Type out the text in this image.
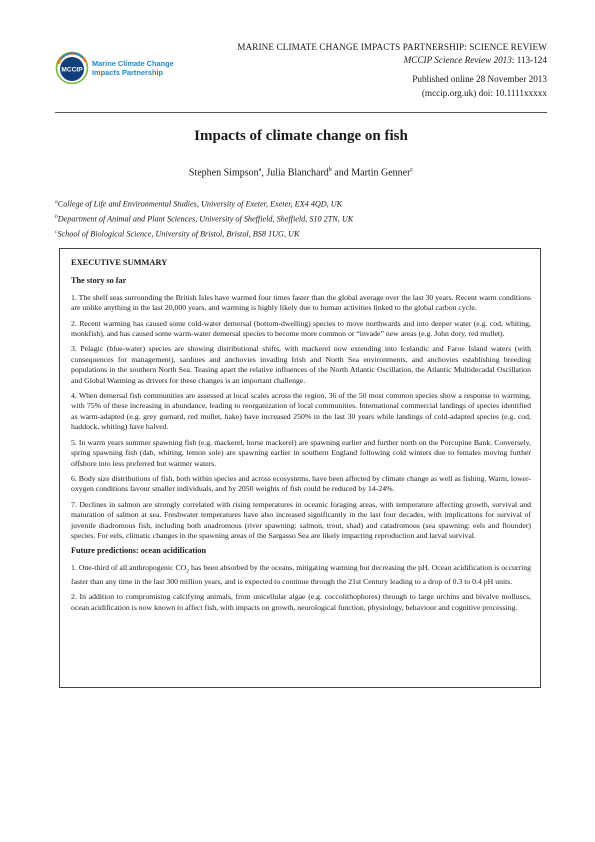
MCCIP
Marine Climate Change
Impacts Partnership
MARINE CLIMATE CHANGE IMPACTS PARTNERSHIP: SCIENCE REVIEW
MCCIP Science Review 2013: 113-124
Published online 28 November 2013
(mccip.org.uk) doi: 10.1111xxxxx
Impacts of climate change on fish
Stephen Simpson$^a$, Julia Blanchard$^b$ and Martin Genner$^c$
$^a$College of Life and Environmental Studies, University of Exeter, Exeter, EX4 4QD, UK
$^b$Department of Animal and Plant Sciences, University of Sheffield, Sheffield, S10 2TN, UK
$^c$School of Biological Science, University of Bristol, Bristol, BS8 1UG, UK
EXECUTIVE SUMMARY
The story so far

1. The shelf seas surrounding the British Isles have warmed four times faster than the global average over the last 30 years. Recent warm conditions are unlike anything in the last 20,000 years, and warming is highly likely due to human activities linked to the global carbon cycle.

2. Recent warming has caused some cold-water demersal (bottom-dwelling) species to move northwards and into deeper water (e.g. cod, whiting, monkfish), and has caused some warm-water demersal species to become more common or “invade” new areas (e.g. John dory, red mullet).

3. Pelagic (blue-water) species are showing distributional shifts, with mackerel now extending into Icelandic and Faroe Island waters (with consequences for management), sardines and anchovies invading Irish and North Sea environments, and anchovies establishing breeding populations in the southern North Sea. Teasing apart the relative influences of the North Atlantic Oscillation, the Atlantic Multidecadal Oscillation and Global Warming as drivers for these changes is an important challenge.

4. When demersal fish communities are assessed at local scales across the region, 36 of the 50 most common species show a response to warming, with 75% of these increasing in abundance, leading to reorganization of local communities. International commercial landings of species identified as warm-adapted (e.g. grey gurnard, red mullet, hake) have increased 250% in the last 30 years while landings of cold-adapted species (e.g. cod, haddock, whiting) have halved.

5. In warm years summer spawning fish (e.g. mackerel, horse mackerel) are spawning earlier and further north on the Porcupine Bank. Conversely, spring spawning fish (dab, whiting, lemon sole) are spawning earlier in southern England following cold winters due to females moving further offshore into less preferred but warmer waters.

6. Body size distributions of fish, both within species and across ecosystems, have been affected by climate change as well as fishing. Warm, lower-oxygen conditions favour smaller individuals, and by 2050 weights of fish could be reduced by 14-24%.

7. Declines in salmon are strongly correlated with rising temperatures in oceanic foraging areas, with temperature affecting growth, survival and maturation of salmon at sea. Freshwater temperatures have also increased significantly in the last four decades, with implications for survival of juvenile diadromous fish, including both anadromous (river spawning: salmon, trout, shad) and catadromous (sea spawning: eels and flounder) species. For eels, climatic changes in the spawning areas of the Sargasso Sea are likely impacting reproduction and larval survival.

Future predictions: ocean acidification

1. One-third of all anthropogenic $CO_2$ has been absorbed by the oceans, mitigating warming but decreasing the pH. Ocean acidification is occurring faster than any time in the last 300 million years, and is expected to continue through the 21st Century leading to a drop of 0.3 to 0.4 pH units.

2. In addition to compromising calcifying animals, from unicellular algae (e.g. coccolithophores) through to large urchins and bivalve molluscs, ocean acidification is now known to affect fish, with impacts on growth, neurological function, physiology, behaviour and cognitive processing.
